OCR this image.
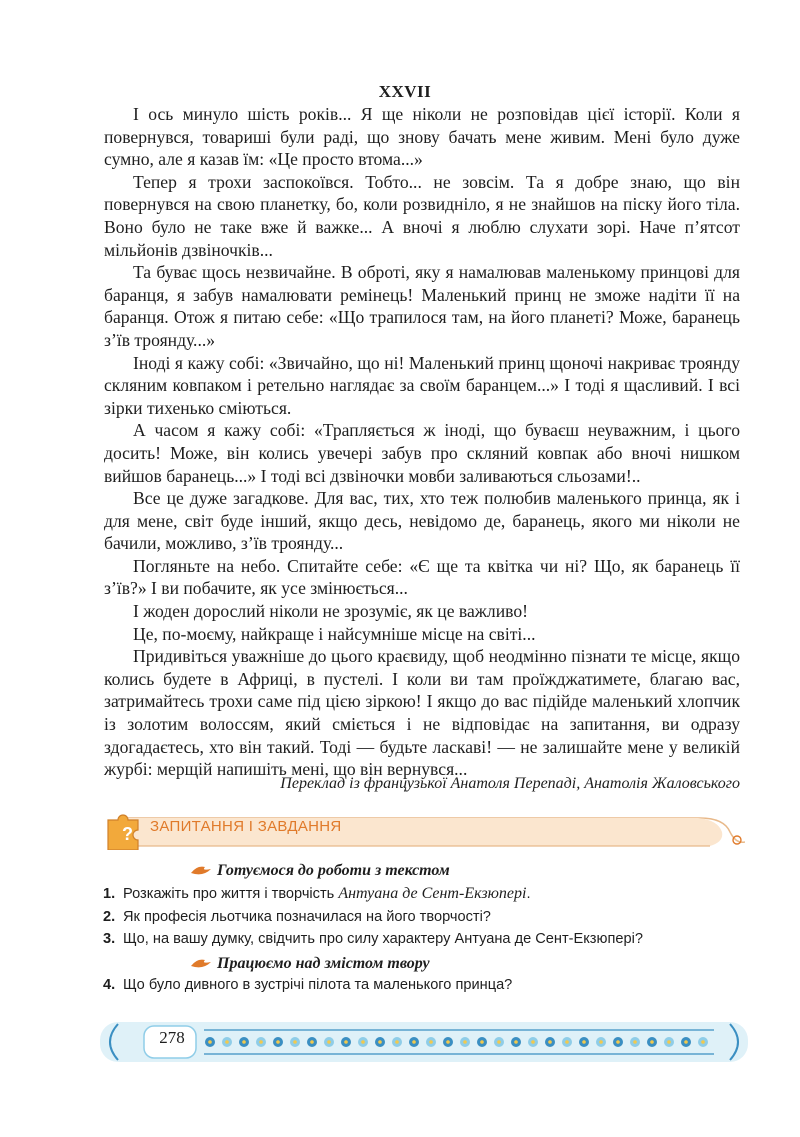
XXVII

І ось минуло шість років... Я ще ніколи не розповідав цієї історії. Коли я повернувся, товариші були раді, що знову бачать мене живим. Мені було дуже сумно, але я казав їм: «Це просто втома...»

Тепер я трохи заспокоївся. Тобто... не зовсім. Та я добре знаю, що він повернувся на свою планетку, бо, коли розвиднілo, я не знайшов на піску його тіла. Воно було не таке вже й важке... А вночі я люблю слухати зорі. Наче п’ятсот мільйонів дзвіночків...

Та буває щось незвичайне. В обротi, яку я намалював маленькому принцові для баранця, я забув намалювати ремінець! Маленький принц не зможе надіти її на баранця. Отож я питаю себе: «Що трапилося там, на його планеті? Може, баранець з’їв троянду...»

Іноді я кажу собі: «Звичайно, що ні! Маленький принц щоночі накриває троянду скляним ковпаком і ретельно наглядає за своїм баранцем...» І тоді я щасливий. І всі зірки тихенько сміються.

А часом я кажу собі: «Трапляється ж іноді, що буваєш неуважним, і цього досить! Може, він колись увечері забув про скляний ковпак або вночі нишком вийшов баранець...» І тоді всі дзвіночки мовби заливаються сльозами!..

Все це дуже загадкове. Для вас, тих, хто теж полюбив маленького принца, як і для мене, світ буде інший, якщо десь, невідомо де, баранець, якого ми ніколи не бачили, можливо, з’їв троянду...

Погляньте на небо. Спитайте себе: «Є ще та квітка чи ні? Що, як баранець її з’їв?» І ви побачите, як усе змінюється...

І жоден дорослий ніколи не зрозуміє, як це важливо!

Це, по-моєму, найкраще і найсумніше місце на світі...

Придивіться уважніше до цього краєвиду, щоб неодмінно пізнати те місце, якщо колись будете в Африці, в пустелі. І коли ви там проїжджатимете, благаю вас, затримайтесь трохи саме під цією зіркою! І якщо до вас підійде маленький хлопчик із золотим волоссям, який сміється і не відповідає на запитання, ви одразу здогадаєтесь, хто він такий. Тоді — будьте ласкаві! — не залишайте мене у великій журбі: мерщій напишіть мені, що він вернувся...

Переклад із французької Анатоля Перепаді, Анатолія Жаловського
? ЗАПИТАННЯ І ЗАВДАННЯ
Готуємося до роботи з текстом
1. Розкажіть про життя і творчість Антуана де Сент-Екзюпері.
2. Як професія льотчика позначилася на його творчості?
3. Що, на вашу думку, свідчить про силу характеру Антуана де Сент-Екзюпері?
Працюємо над змістом твору
4. Що було дивного в зустрічі пілота та маленького принца?
278
